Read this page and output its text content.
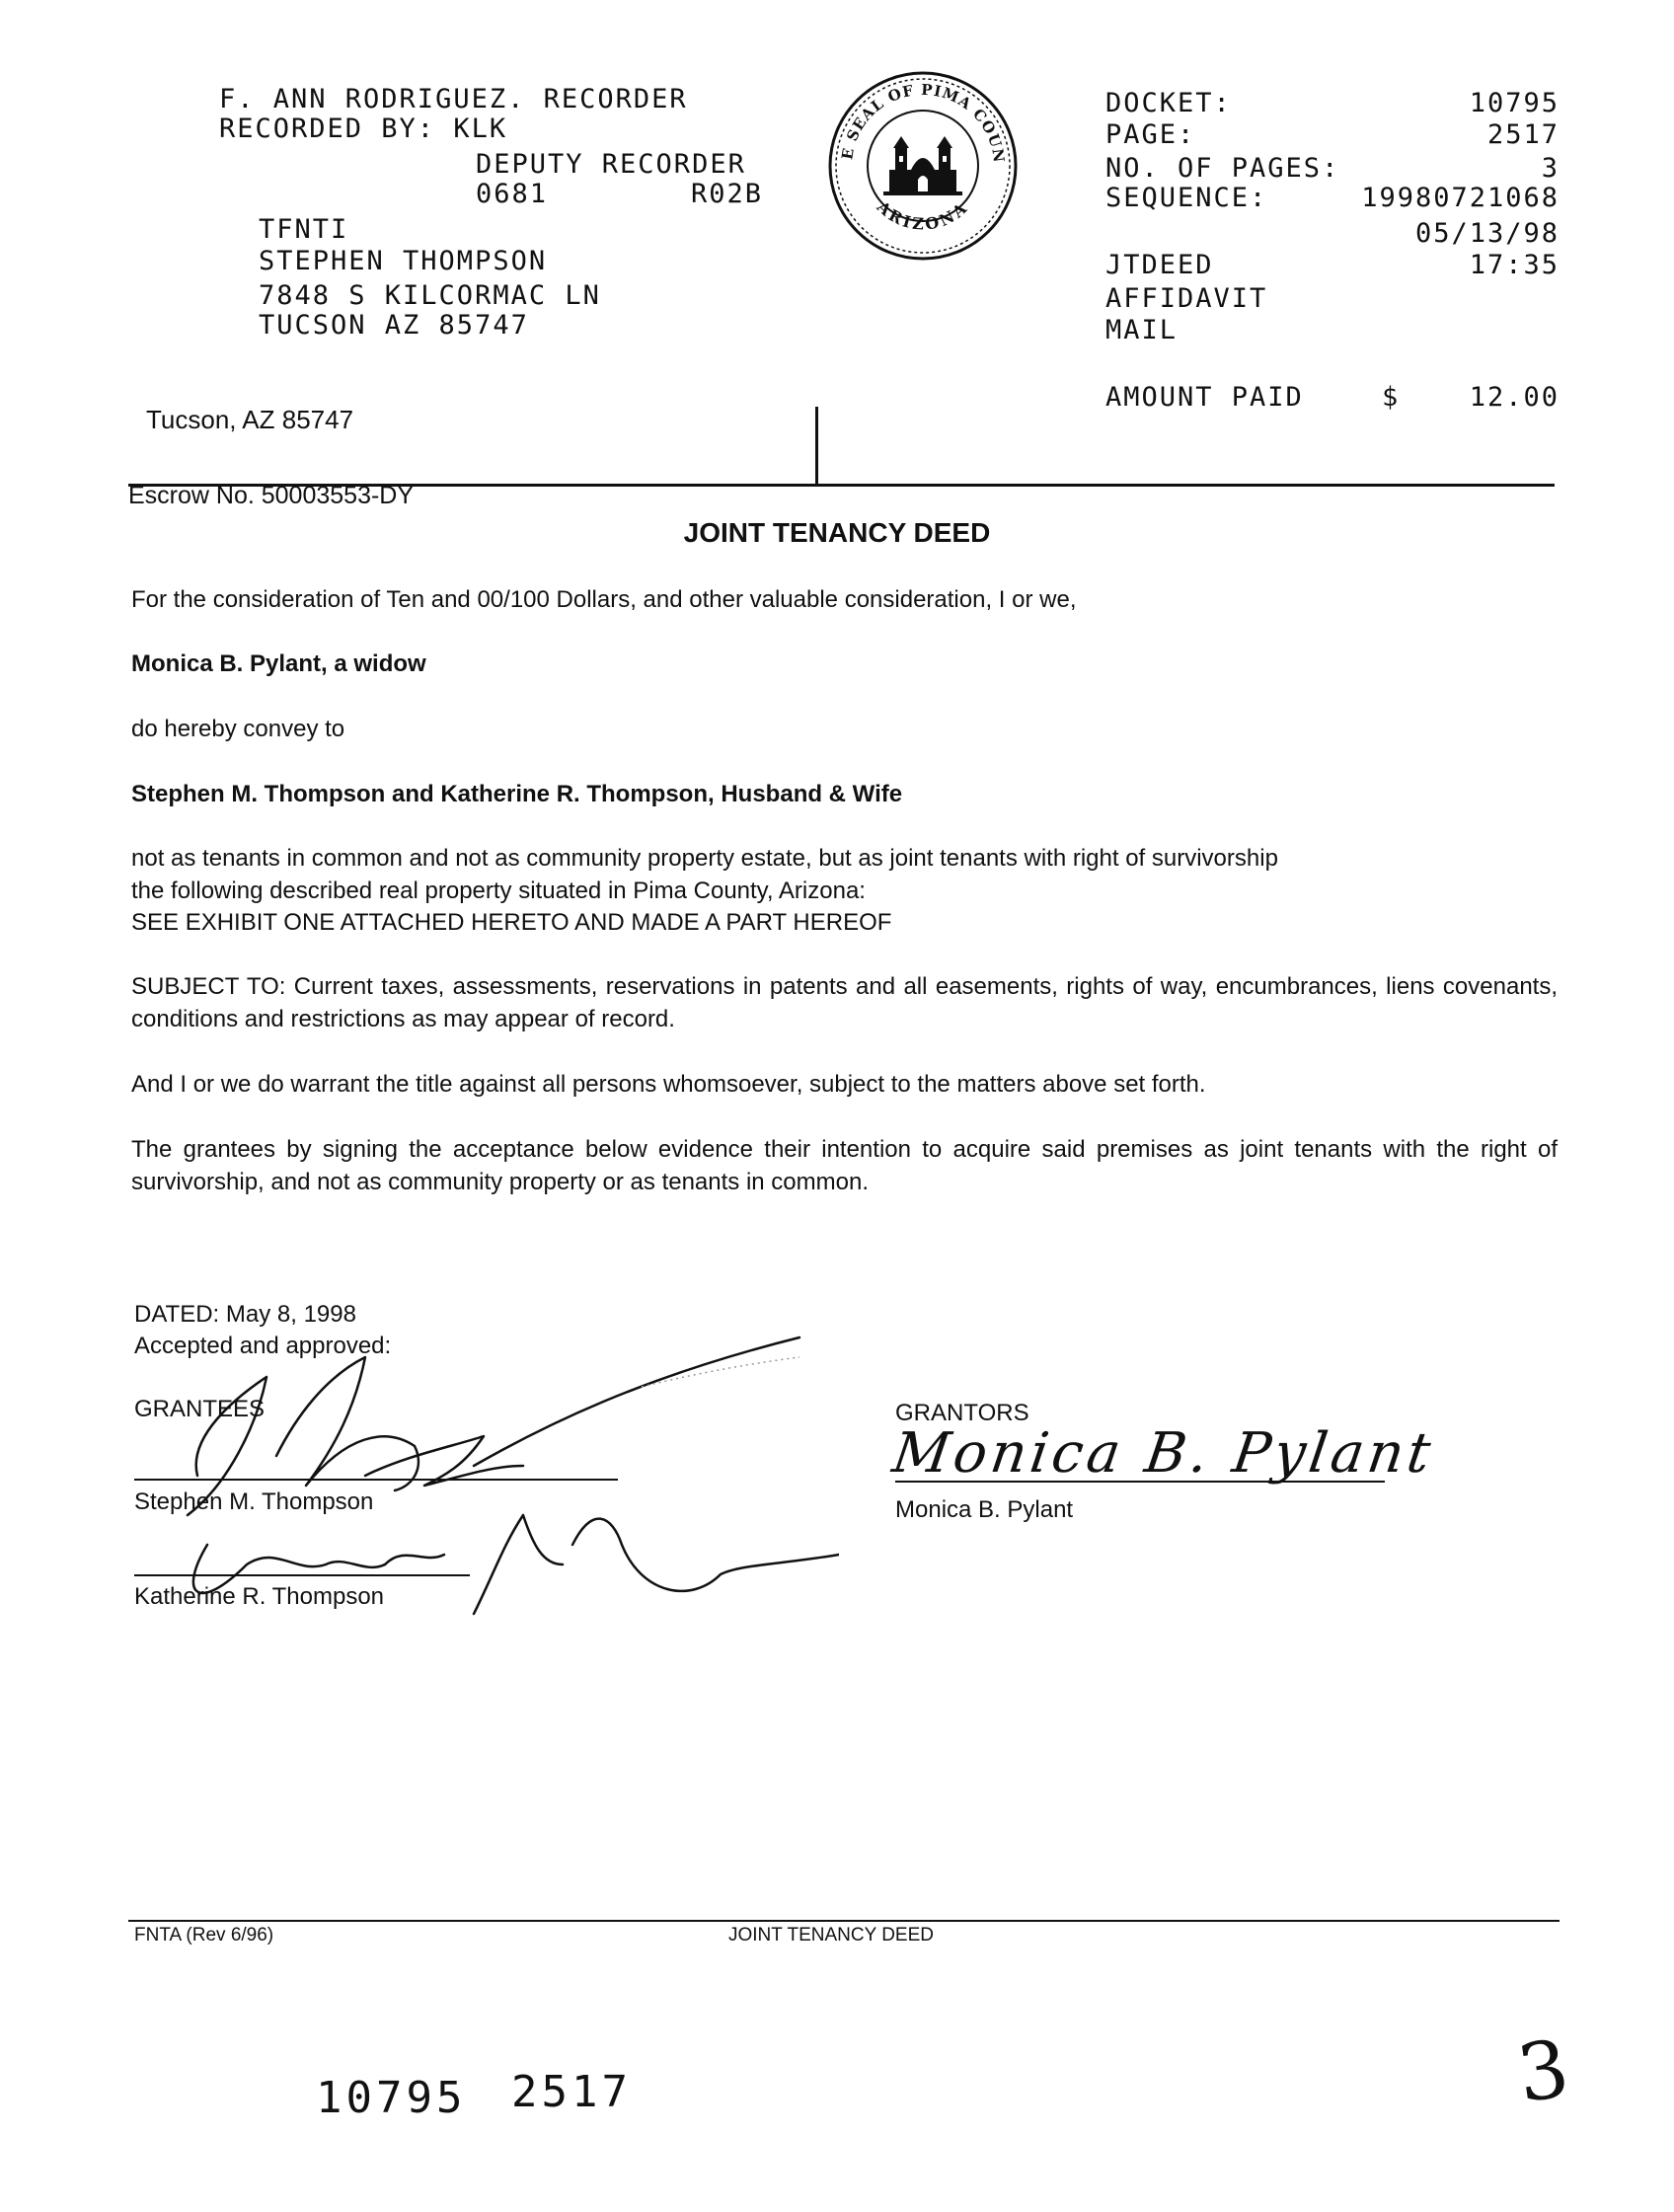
F. ANN RODRIGUEZ. RECORDER

RECORDED BY: KLK

DEPUTY RECORDER

0681	R02B

TFNTI

STEPHEN THOMPSON

7848 S KILCORMAC LN

TUCSON AZ 85747

Tucson, AZ 85747

E SEAL OF PIMA COUN
ARIZONA

DOCKET:	10795

PAGE:	2517

NO. OF PAGES:	3

SEQUENCE:	19980721068

05/13/98

JTDEED	17:35

AFFIDAVIT

MAIL

AMOUNT PAID	$	12.00

Escrow No. 50003553-DY

JOINT TENANCY DEED

For the consideration of Ten and 00/100 Dollars, and other valuable consideration, I or we,

Monica B. Pylant, a widow

do hereby convey to

Stephen M. Thompson and Katherine R. Thompson, Husband & Wife

not as tenants in common and not as community property estate, but as joint tenants with right of survivorship

the following described real property situated in Pima County, Arizona:

SEE EXHIBIT ONE ATTACHED HERETO AND MADE A PART HEREOF

SUBJECT TO: Current taxes, assessments, reservations in patents and all easements, rights of way, encumbrances, liens covenants, conditions and restrictions as may appear of record.

And I or we do warrant the title against all persons whomsoever, subject to the matters above set forth.

The grantees by signing the acceptance below evidence their intention to acquire said premises as joint tenants with the right of survivorship, and not as community property or as tenants in common.

DATED: May 8, 1998

Accepted and approved:

GRANTEES

Stephen M. Thompson

Katherine R. Thompson

GRANTORS

Monica B. Pylant

Monica B. Pylant

FNTA (Rev 6/96)	JOINT TENANCY DEED

10795 2517	3
